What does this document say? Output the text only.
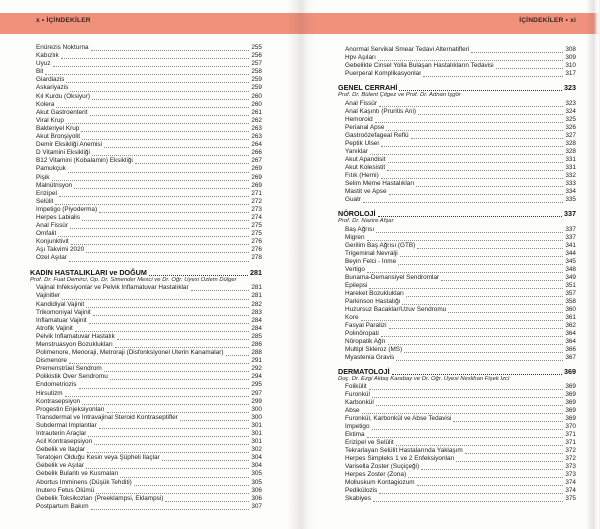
x • İÇİNDEKİLER	İÇİNDEKİLER • xi
Enürezis Nokturna	255
Kabızlık	256
Uyuz	257
Bit	258
Giardiazis	259
Askariyazis	259
Kıl Kurdu (Oksiyur)	260
Kolera	260
Akut Gastroenterit	261
Viral Krup	262
Bakteriyel Krup	263
Akut Bronşiyolit	263
Demir Eksikliği Anemisi	264
D Vitamini Eksikliği	266
B12 Vitamini (Kobalamin) Eksikliği	267
Pamukçuk	269
Pişik	269
Malnütrisyon	269
Erizipel	271
Selülit	272
İmpetigo (Piyoderma)	273
Herpes Labialis	274
Anal Fissür	275
Omfalit	275
Konjunktivit	276
Aşı Takvimi 2020	276
Özel Aşılar	278
KADIN HASTALIKLARI ve DOĞUM	281
Prof. Dr. Fuat Demirci, Op. Dr. Simender Mesci ve Dr. Öğr. Üyesi Özlem Dülger
Vajinal İnfeksiyonlar ve Pelvik İnflamatuvar Hastalıklar	281
Vajinitler	281
Kandidiyal Vajinit	282
Trikomoniyal Vajinit	283
İnflamatuar Vajinit	284
Atrofik Vajinit	284
Pelvik İnflamatuvar Hastalık	285
Menstruasyon Bozuklukları	286
Polimenore, Menoraji, Metroraji (Disfonksiyonel Uterin Kanamalar)	288
Dismenore	291
Premenstrüel Sendrom	292
Polikistik Over Sendromu	294
Endometriozis	295
Hirsutizm	297
Kontrasepsiyon	299
Progestin Enjeksiyonları	300
Transdermal ve İntravajinal Steroid Kontraseptifler	300
Subdermal İmplantlar	301
İntrauterin Araçlar	301
Acil Kontrasepsiyon	301
Gebelik ve İlaçlar	302
Teratojen Olduğu Kesin veya Şüpheli İlaçlar	304
Gebelik ve Aşılar	304
Gebelik Bulantı ve Kusmaları	305
Abortus İmminens (Düşük Tehditi)	305
İnutero Fetus Ölümü	306
Gebelik Toksikozları (Preeklampsi, Eklampsi)	306
Postpartum Bakım	307
Anormal Servikal Smear Tedavi Alternatifleri	308
Hpv Aşıları	309
Gebelikte Cinsel Yolla Bulaşan Hastalıkların Tedavisi	310
Puerperal Komplikasyonlar	317
GENEL CERRAHİ	323
Prof. Dr. Bülent Çitgez ve Prof. Dr. Adnan İşgör
Anal Fissür	323
Anal Kaşıntı (Pruritis Ani)	324
Hemoroid	325
Perianal Apse	326
Gastroözefageal Reflü	327
Peptik Ülser	328
Yanıklar	328
Akut Apandisit	331
Akut Kolesistit	331
Fıtık (Herni)	332
Selim Meme Hastalıkları	333
Mastit ve Apse	334
Guatr	335
NÖROLOJİ	337
Prof. Dr. Nazire Afşar
Baş Ağrısı	337
Migren	337
Gerilim Baş Ağrısı (GTB)	341
Trigeminal Nevralji	344
Beyin Felci - İnme	345
Vertigo	348
Bunama-Demansiyel Sendromlar	349
Epilepsi	351
Hareket Bozuklukları	357
Parkinson Hastalığı	358
Huzursuz Bacaklar/Uzuv Sendromu	360
Kore	361
Fasyal Paralizi	362
Polinöropati	364
Nöropatik Ağrı	364
Multipl Skleroz (MS)	366
Myastenia Gravis	367
DERMATOLOJİ	369
Doç. Dr. Ezgi Aktaş Karabay ve Dr. Öğr. Üyesi Neslihan Fişek İzci
Folikülit	369
Furonkül	369
Karbonkül	369
Abse	369
Furonkül, Karbonkül ve Abse Tedavisi	369
İmpetigo	370
Ektima	371
Erizipel ve Selülit	371
Tekrarlayan Selülit Hastalarında Yaklaşım	372
Herpes Simpleks 1 ve 2 Enfeksiyonları	372
Varisella Zoster (Suçiçeği)	373
Herpes Zoster (Zona)	373
Molluskum Kontagiozum	374
Pedikülozis	374
Skabiyes	375
